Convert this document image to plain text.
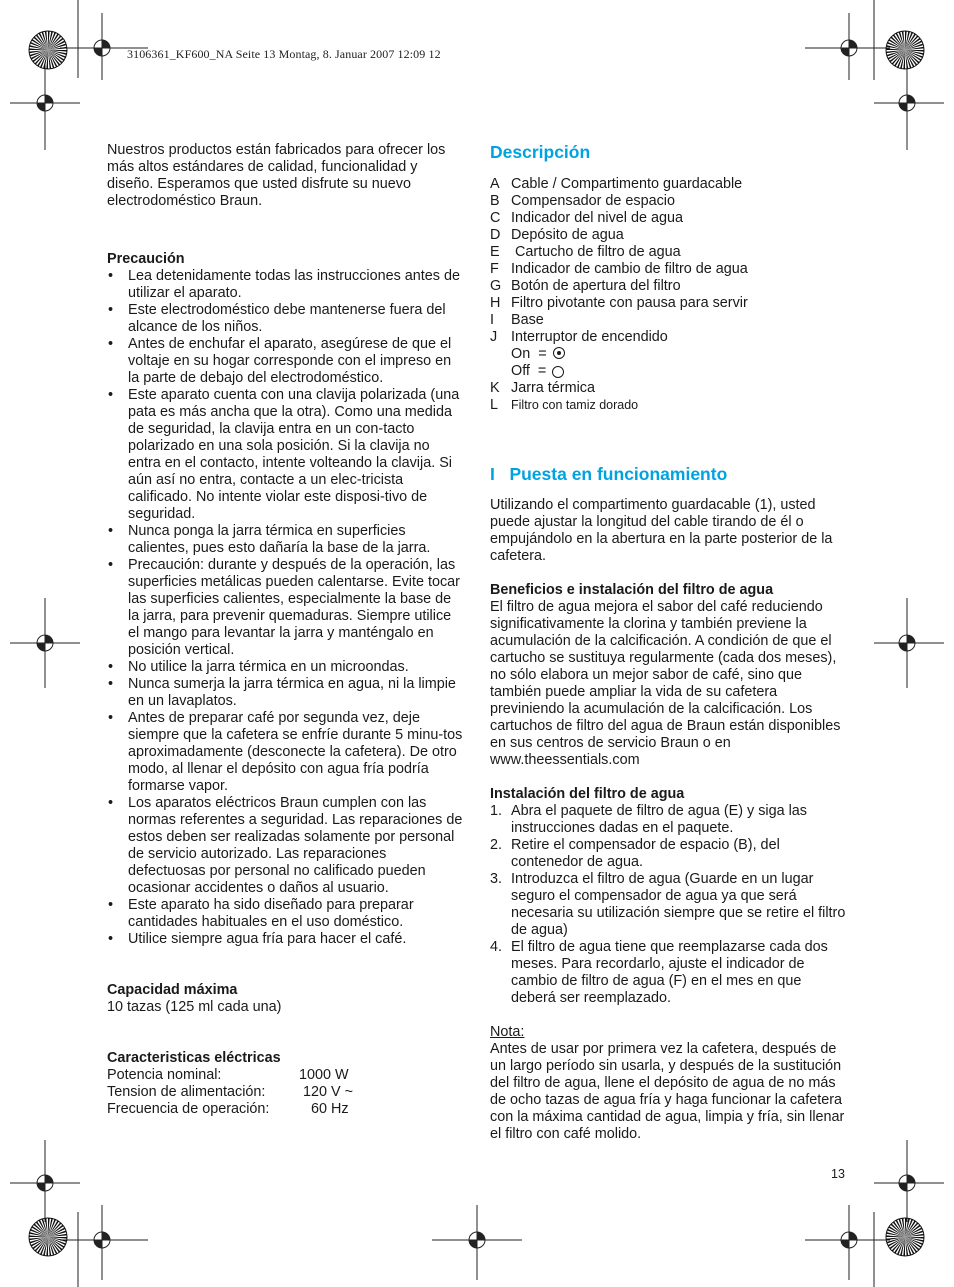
3106361_KF600_NA Seite 13 Montag, 8. Januar 2007 12:09 12

Nuestros productos están fabricados para ofrecer los más altos estándares de calidad, funcionalidad y diseño. Esperamos que usted disfrute su nuevo electrodoméstico Braun.

Precaución

• Lea detenidamente todas las instrucciones antes de utilizar el aparato.
• Este electrodoméstico debe mantenerse fuera del alcance de los niños.
• Antes de enchufar el aparato, asegúrese de que el voltaje en su hogar corresponde con el impreso en la parte de debajo del electrodoméstico.
• Este aparato cuenta con una clavija polarizada (una pata es más ancha que la otra). Como una medida de seguridad, la clavija entra en un con-tacto polarizado en una sola posición. Si la clavija no entra en el contacto, intente volteando la clavija. Si aún así no entra, contacte a un elec-tricista calificado. No intente violar este disposi-tivo de seguridad.
• Nunca ponga la jarra térmica en superficies calientes, pues esto dañaría la base de la jarra.
• Precaución: durante y después de la operación, las superficies metálicas pueden calentarse. Evite tocar las superficies calientes, especialmente la base de la jarra, para prevenir quemaduras. Siempre utilice el mango para levantar la jarra y manténgalo en posición vertical.
• No utilice la jarra térmica en un microondas.
• Nunca sumerja la jarra térmica en agua, ni la limpie en un lavaplatos.
• Antes de preparar café por segunda vez, deje siempre que la cafetera se enfríe durante 5 minu-tos aproximadamente (desconecte la cafetera). De otro modo, al llenar el depósito con agua fría podría formarse vapor.
• Los aparatos eléctricos Braun cumplen con las normas referentes a seguridad. Las reparaciones de estos deben ser realizadas solamente por personal de servicio autorizado. Las reparaciones defectuosas por personal no calificado pueden ocasionar accidentes o daños al usuario.
• Este aparato ha sido diseñado para preparar cantidades habituales en el uso doméstico.
• Utilice siempre agua fría para hacer el café.

Capacidad máxima

10 tazas (125 ml cada una)

Caracteristicas eléctricas

Potencia nominal:	1000 W
Tension de alimentación:	120 V ~
Frecuencia de operación:	60 Hz

Descripción

A Cable / Compartimento guardacable
B Compensador de espacio
C Indicador del nivel de agua
D Depósito de agua
E Cartucho de filtro de agua
F Indicador de cambio de filtro de agua
G Botón de apertura del filtro
H Filtro pivotante con pausa para servir
I	Base
J Interruptor de encendido
On  =
Off  =
K Jarra térmica
L	Filtro con tamiz dorado

I   Puesta en funcionamiento

Utilizando el compartimento guardacable (1), usted puede ajustar la longitud del cable tirando de él o empujándolo en la abertura en la parte posterior de la cafetera.

Beneficios e instalación del filtro de agua

El filtro de agua mejora el sabor del café reduciendo significativamente la clorina y también previene la acumulación de la calcificación. A condición de que el cartucho se sustituya regularmente (cada dos meses), no sólo elabora un mejor sabor de café, sino que también puede ampliar la vida de su cafetera previniendo la acumulación de la calcificación. Los cartuchos de filtro del agua de Braun están disponibles en sus centros de servicio Braun o en www.theessentials.com

Instalación del filtro de agua

1. Abra el paquete de filtro de agua (E) y siga las instrucciones dadas en el paquete.
2. Retire el compensador de espacio (B), del contenedor de agua.
3. Introduzca el filtro de agua (Guarde en un lugar seguro el compensador de agua ya que será necesaria su utilización siempre que se retire el filtro de agua)
4. El filtro de agua tiene que reemplazarse cada dos meses. Para recordarlo, ajuste el indicador de cambio de filtro de agua (F) en el mes en que deberá ser reemplazado.

Nota:

Antes de usar por primera vez la cafetera, después de un largo período sin usarla, y después de la sustitución del filtro de agua, llene el depósito de agua de no más de ocho tazas de agua fría y haga funcionar la cafetera con la máxima cantidad de agua, limpia y fría, sin llenar el filtro con café molido.

13
